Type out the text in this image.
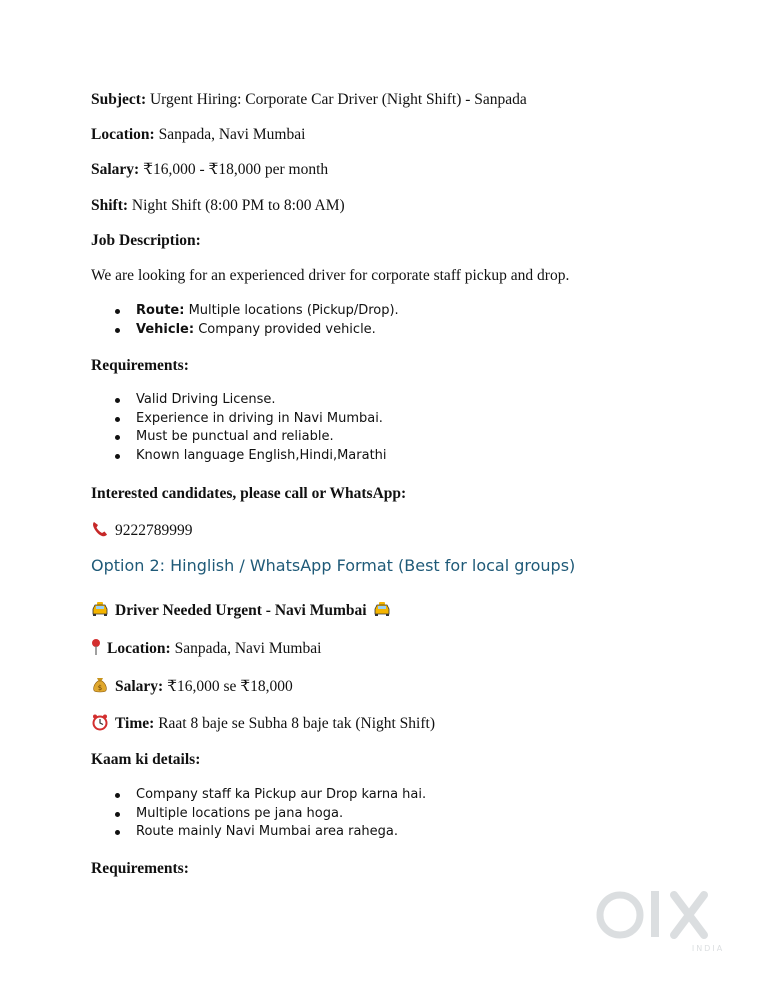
Subject: Urgent Hiring: Corporate Car Driver (Night Shift) - Sanpada
Location: Sanpada, Navi Mumbai
Salary: ₹16,000 - ₹18,000 per month
Shift: Night Shift (8:00 PM to 8:00 AM)
Job Description:
We are looking for an experienced driver for corporate staff pickup and drop.
Route: Multiple locations (Pickup/Drop).
Vehicle: Company provided vehicle.
Requirements:
Valid Driving License.
Experience in driving in Navi Mumbai.
Must be punctual and reliable.
Known language English,Hindi,Marathi
Interested candidates, please call or WhatsApp:
9222789999
Option 2: Hinglish / WhatsApp Format (Best for local groups)
Driver Needed Urgent - Navi Mumbai
Location: Sanpada, Navi Mumbai
$ Salary: ₹16,000 se ₹18,000
Time: Raat 8 baje se Subha 8 baje tak (Night Shift)
Kaam ki details:
Company staff ka Pickup aur Drop karna hai.
Multiple locations pe jana hoga.
Route mainly Navi Mumbai area rahega.
Requirements:
INDIA
